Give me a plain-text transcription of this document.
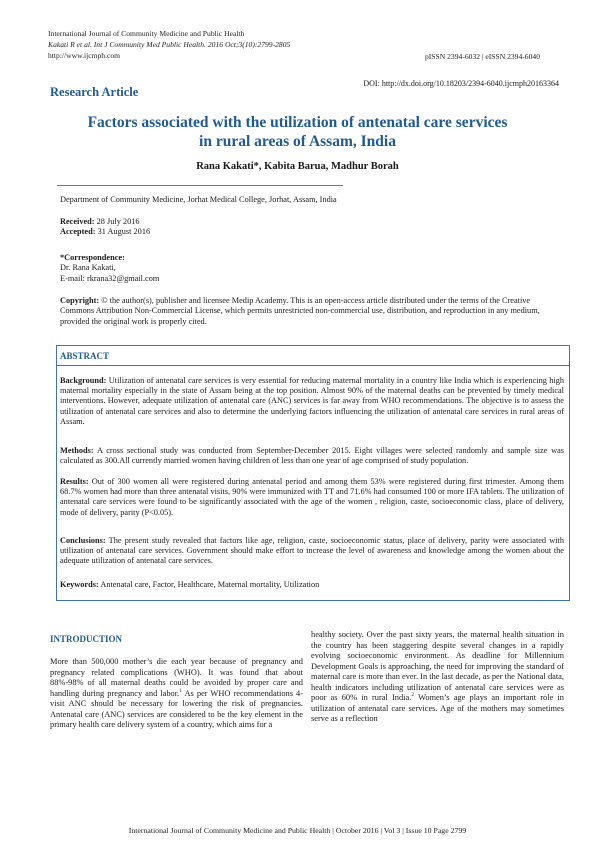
International Journal of Community Medicine and Public Health
Kakati R et al. Int J Community Med Public Health. 2016 Oct;3(10):2799-2805
http://www.ijcmph.com	pISSN 2394-6032 | eISSN 2394-6040
DOI: http://dx.doi.org/10.18203/2394-6040.ijcmph20163364
Research Article
Factors associated with the utilization of antenatal care services
in rural areas of Assam, India
Rana Kakati*, Kabita Barua, Madhur Borah
Department of Community Medicine, Jorhat Medical College, Jorhat, Assam, India
Received: 28 July 2016
Accepted: 31 August 2016
*Correspondence:
Dr. Rana Kakati,
E-mail: rkrana32@gmail.com
Copyright: © the author(s), publisher and licensee Medip Academy. This is an open-access article distributed under the terms of the Creative Commons Attribution Non-Commercial License, which permits unrestricted non-commercial use, distribution, and reproduction in any medium, provided the original work is properly cited.
ABSTRACT
Background: Utilization of antenatal care services is very essential for reducing maternal mortality in a country like India which is experiencing high maternal mortality especially in the state of Assam being at the top position. Almost 90% of the maternal deaths can be prevented by timely medical interventions. However, adequate utilization of antenatal care (ANC) services is far away from WHO recommendations. The objective is to assess the utilization of antenatal care services and also to determine the underlying factors influencing the utilization of antenatal care services in rural areas of Assam.
Methods: A cross sectional study was conducted from September-December 2015. Eight villages were selected randomly and sample size was calculated as 300.All currently married women having children of less than one year of age comprised of study population.
Results: Out of 300 women all were registered during antenatal period and among them 53% were registered during first trimester. Among them 68.7% women had more than three antenatal visits, 90% were immunized with TT and 71.6% had consumed 100 or more IFA tablets. The utilization of antenatal care services were found to be significantly associated with the age of the women , religion, caste, socioeconomic class, place of delivery, mode of delivery, parity (P<0.05).
Conclusions: The present study revealed that factors like age, religion, caste, socioeconomic status, place of delivery, parity were associated with utilization of antenatal care services. Government should make effort to increase the level of awareness and knowledge among the women about the adequate utilization of antenatal care services.
Keywords: Antenatal care, Factor, Healthcare, Maternal mortality, Utilization
INTRODUCTION
More than 500,000 mother’s die each year because of pregnancy and pregnancy related complications (WHO). It was found that about 88%-98% of all maternal deaths could be avoided by proper care and handling during pregnancy and labor.$^1$ As per WHO recommendations 4-visit ANC should be necessary for lowering the risk of pregnancies. Antenatal care (ANC) services are considered to be the key element in the primary health care delivery system of a country, which aims for a
healthy society. Over the past sixty years, the maternal health situation in the country has been staggering despite several changes in a rapidly evolving socioeconomic environment. As deadline for Millennium Development Goals is approaching, the need for improving the standard of maternal care is more than ever. In the last decade, as per the National data, health indicators including utilization of antenatal care services were as poor as 60% in rural India.$^2$ Women’s age plays an important role in utilization of antenatal care services. Age of the mothers may sometimes serve as a reflection
International Journal of Community Medicine and Public Health | October 2016 | Vol 3 | Issue 10 Page 2799
